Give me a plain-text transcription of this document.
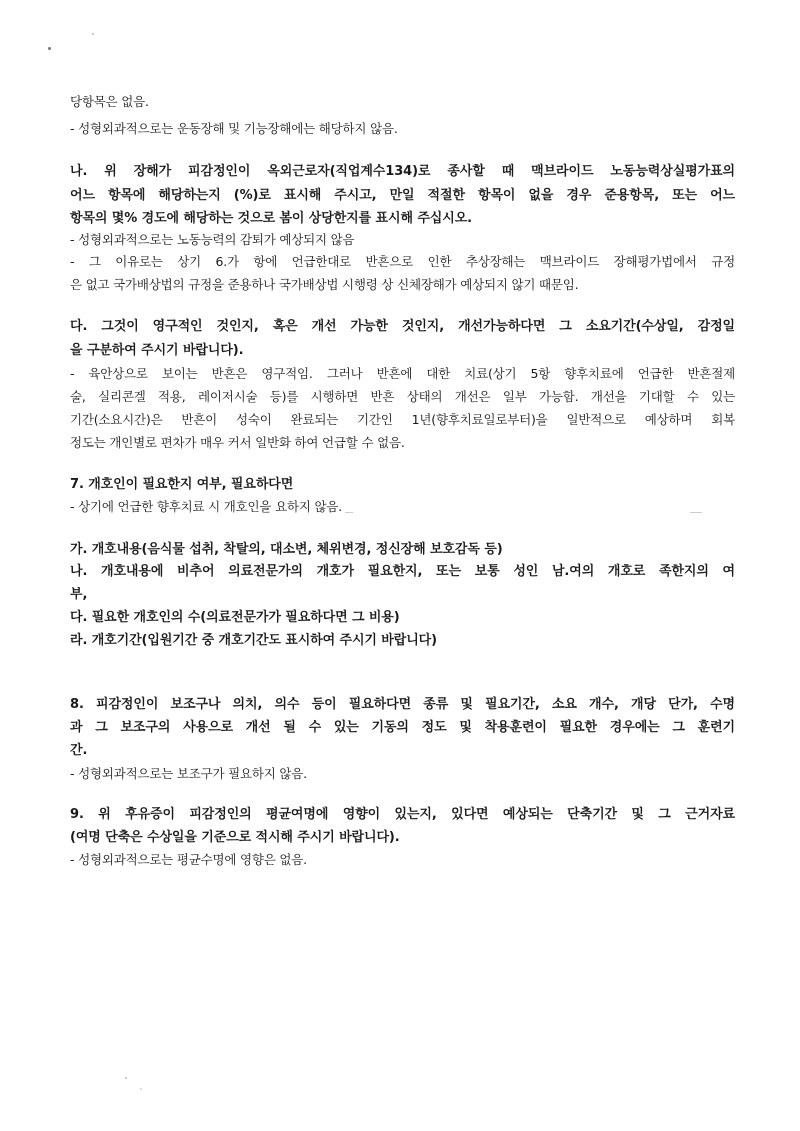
당항목은 없음.
- 성형외과적으로는 운동장해 및 기능장해에는 해당하지 않음.
나. 위 장해가 피감정인이 옥외근로자(직업계수134)로 종사할 때 맥브라이드 노동능력상실평가표의
어느 항목에 해당하는지 (%)로 표시해 주시고, 만일 적절한 항목이 없을 경우 준용항목, 또는 어느
항목의 몇% 경도에 해당하는 것으로 봄이 상당한지를 표시해 주십시오.
- 성형외과적으로는 노동능력의 감퇴가 예상되지 않음
- 그 이유로는 상기 6.가 항에 언급한대로 반흔으로 인한 추상장해는 맥브라이드 장해평가법에서 규정
은 없고 국가배상법의 규정을 준용하나 국가배상법 시행령 상 신체장해가 예상되지 않기 때문임.
다. 그것이 영구적인 것인지, 혹은 개선 가능한 것인지, 개선가능하다면 그 소요기간(수상일, 감정일
을 구분하여 주시기 바랍니다).
- 육안상으로 보이는 반흔은 영구적임. 그러나 반흔에 대한 치료(상기 5항 향후치료에 언급한 반흔절제
술, 실리콘겔 적용, 레이저시술 등)를 시행하면 반흔 상태의 개선은 일부 가능함. 개선을 기대할 수 있는
기간(소요시간)은 반흔이 성숙이 완료되는 기간인 1년(향후치료일로부터)을 일반적으로 예상하며 회복
정도는 개인별로 편차가 매우 커서 일반화 하여 언급할 수 없음.
7. 개호인이 필요한지 여부, 필요하다면
- 상기에 언급한 향후치료 시 개호인을 요하지 않음.
가. 개호내용(음식물 섭취, 착탈의, 대소변, 체위변경, 정신장해 보호감독 등)
나. 개호내용에 비추어 의료전문가의 개호가 필요한지, 또는 보통 성인 남.여의 개호로 족한지의 여
부,
다. 필요한 개호인의 수(의료전문가가 필요하다면 그 비용)
라. 개호기간(입원기간 중 개호기간도 표시하여 주시기 바랍니다)
8. 피감정인이 보조구나 의치, 의수 등이 필요하다면 종류 및 필요기간, 소요 개수, 개당 단가, 수명
과 그 보조구의 사용으로 개선 될 수 있는 기동의 정도 및 착용훈련이 필요한 경우에는 그 훈련기
간.
- 성형외과적으로는 보조구가 필요하지 않음.
9. 위 후유증이 피감정인의 평균여명에 영향이 있는지, 있다면 예상되는 단축기간 및 그 근거자료
(여명 단축은 수상일을 기준으로 적시해 주시기 바랍니다).
- 성형외과적으로는 평균수명에 영향은 없음.
